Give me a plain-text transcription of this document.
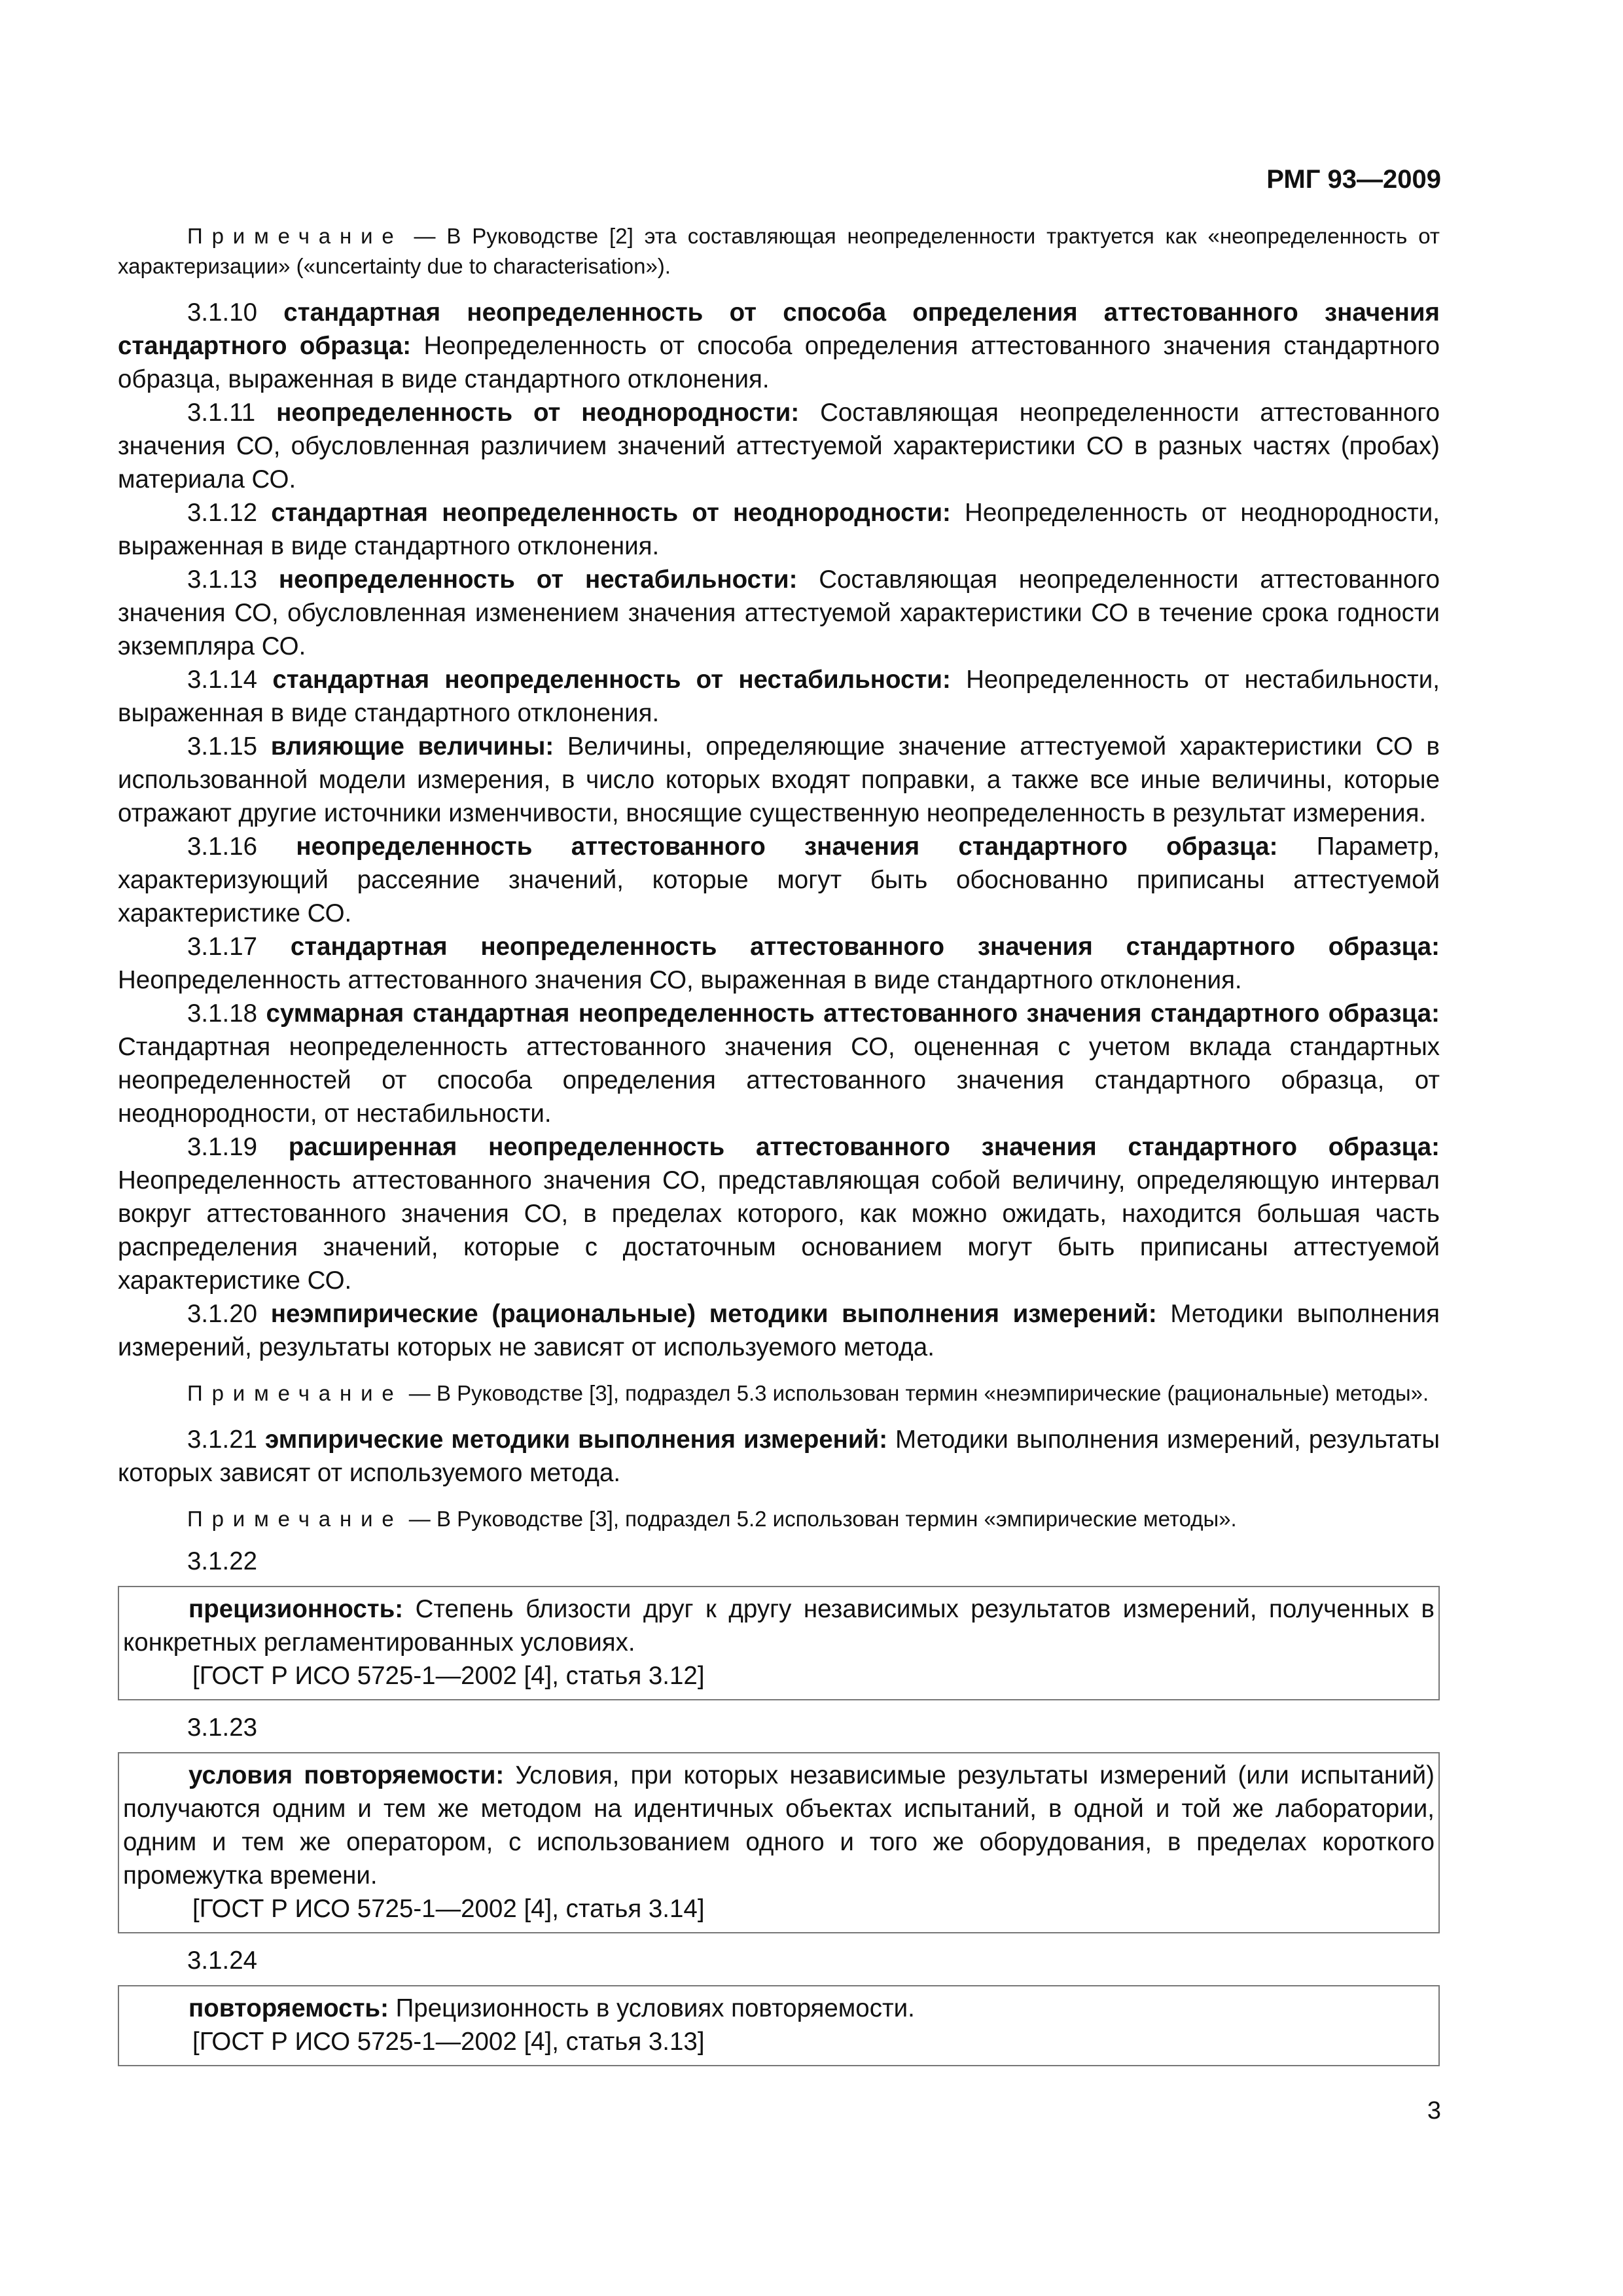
РМГ 93—2009

Примечание — В Руководстве [2] эта составляющая неопределенности трактуется как «неопределенность от характеризации» («uncertainty due to characterisation»).

3.1.10 стандартная неопределенность от способа определения аттестованного значения стандартного образца: Неопределенность от способа определения аттестованного значения стандартного образца, выраженная в виде стандартного отклонения.

3.1.11 неопределенность от неоднородности: Составляющая неопределенности аттестованного значения СО, обусловленная различием значений аттестуемой характеристики СО в разных частях (пробах) материала СО.

3.1.12 стандартная неопределенность от неоднородности: Неопределенность от неоднородности, выраженная в виде стандартного отклонения.

3.1.13 неопределенность от нестабильности: Составляющая неопределенности аттестованного значения СО, обусловленная изменением значения аттестуемой характеристики СО в течение срока годности экземпляра СО.

3.1.14 стандартная неопределенность от нестабильности: Неопределенность от нестабильности, выраженная в виде стандартного отклонения.

3.1.15 влияющие величины: Величины, определяющие значение аттестуемой характеристики СО в использованной модели измерения, в число которых входят поправки, а также все иные величины, которые отражают другие источники изменчивости, вносящие существенную неопределенность в результат измерения.

3.1.16 неопределенность аттестованного значения стандартного образца: Параметр, характеризующий рассеяние значений, которые могут быть обоснованно приписаны аттестуемой характеристике СО.

3.1.17 стандартная неопределенность аттестованного значения стандартного образца: Неопределенность аттестованного значения СО, выраженная в виде стандартного отклонения.

3.1.18 суммарная стандартная неопределенность аттестованного значения стандартного образца: Стандартная неопределенность аттестованного значения СО, оцененная с учетом вклада стандартных неопределенностей от способа определения аттестованного значения стандартного образца, от неоднородности, от нестабильности.

3.1.19 расширенная неопределенность аттестованного значения стандартного образца: Неопределенность аттестованного значения СО, представляющая собой величину, определяющую интервал вокруг аттестованного значения СО, в пределах которого, как можно ожидать, находится большая часть распределения значений, которые с достаточным основанием могут быть приписаны аттестуемой характеристике СО.

3.1.20 неэмпирические (рациональные) методики выполнения измерений: Методики выполнения измерений, результаты которых не зависят от используемого метода.

Примечание — В Руководстве [3], подраздел 5.3 использован термин «неэмпирические (рациональные) методы».

3.1.21 эмпирические методики выполнения измерений: Методики выполнения измерений, результаты которых зависят от используемого метода.

Примечание — В Руководстве [3], подраздел 5.2 использован термин «эмпирические методы».

3.1.22

прецизионность: Степень близости друг к другу независимых результатов измерений, полученных в конкретных регламентированных условиях.

[ГОСТ Р ИСО 5725-1—2002 [4], статья 3.12]

3.1.23

условия повторяемости: Условия, при которых независимые результаты измерений (или испытаний) получаются одним и тем же методом на идентичных объектах испытаний, в одной и той же лаборатории, одним и тем же оператором, с использованием одного и того же оборудования, в пределах короткого промежутка времени.

[ГОСТ Р ИСО 5725-1—2002 [4], статья 3.14]

3.1.24

повторяемость: Прецизионность в условиях повторяемости.

[ГОСТ Р ИСО 5725-1—2002 [4], статья 3.13]

3
